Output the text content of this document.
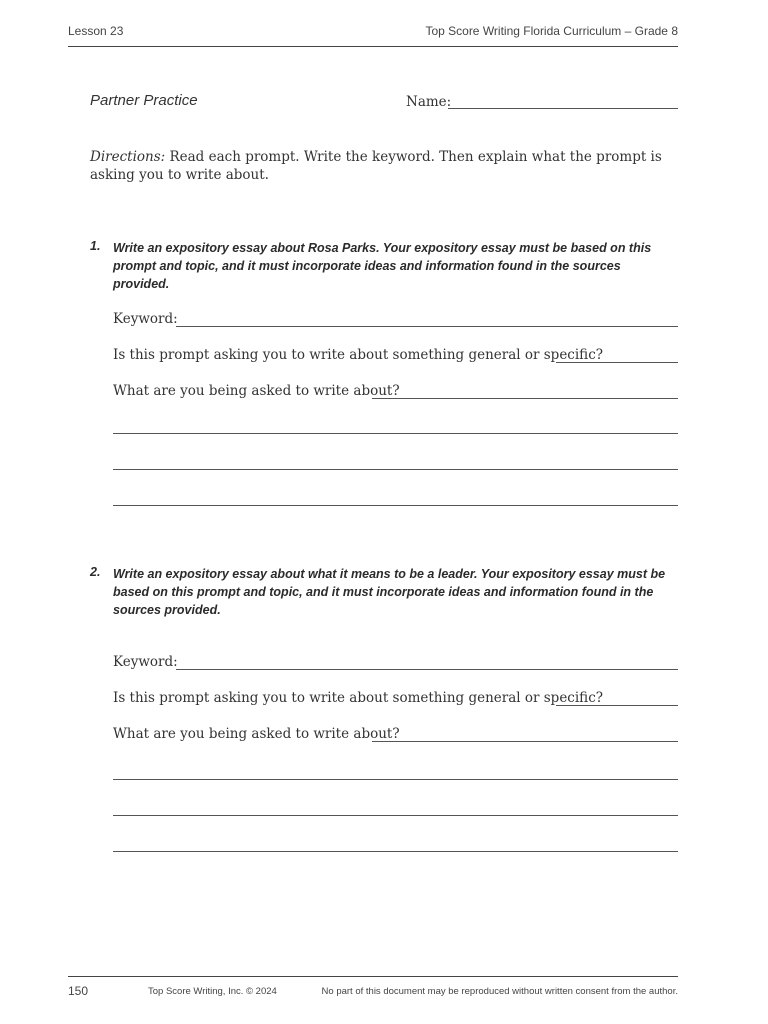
Lesson 23	Top Score Writing Florida Curriculum – Grade 8
Partner Practice	Name:
Directions: Read each prompt. Write the keyword. Then explain what the prompt is asking you to write about.
1. Write an expository essay about Rosa Parks. Your expository essay must be based on this prompt and topic, and it must incorporate ideas and information found in the sources provided.
Keyword:
Is this prompt asking you to write about something general or specific?
What are you being asked to write about?
2. Write an expository essay about what it means to be a leader. Your expository essay must be based on this prompt and topic, and it must incorporate ideas and information found in the sources provided.
Keyword:
Is this prompt asking you to write about something general or specific?
What are you being asked to write about?
150	Top Score Writing, Inc. © 2024	No part of this document may be reproduced without written consent from the author.
